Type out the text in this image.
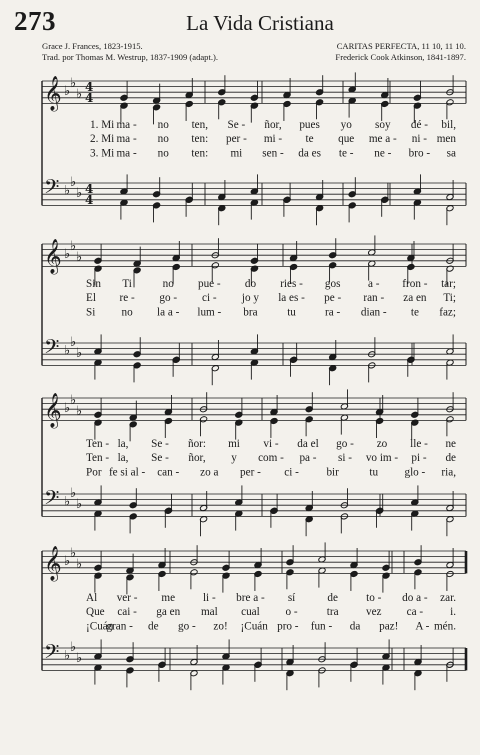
273	La Vida Cristiana
Grace J. Frances, 1823-1915.
Trad. por Thomas M. Westrup, 1837-1909 (adapt.).
CARITAS PERFECTA, 11 10, 11 10.
Frederick Cook Atkinson, 1841-1897.
𝄞 ♭
♭
♭
𝄢 ♭
♭
♭
4
4
4
4
1. Mi ma - no ten, Se - ñor, pues yo soy dé - bil,
2. Mi ma - no ten: per - mi - te que me a - ni - men
3. Mi ma - no ten: mi sen - da es te - ne - bro - sa
𝄞 ♭
♭
♭
𝄢 ♭
♭
♭
Sin Ti	no pue - do ries - gos a - fron - tar;
El re - go - ci - jo y la es - pe - ran - za en Ti;
Si no la a - lum - bra	tu	ra - dian - te faz;
𝄞 ♭
♭
♭
𝄢 ♭
♭
♭
Ten - la, Se - ñor: mi vi - da el go - zo lle - ne
Ten - la, Se - ñor, y com - pa - si - vo im - pi - de
Por fe si al - can - zo a per - ci - bir	tu glo - ria,
𝄞 ♭
♭
♭
𝄢 ♭
♭
♭
Al ver - me li - bre a - sí	de	to - do a - zar.
Que cai - ga en mal cual o -	tra vez ca - i.
¡Cuán
gran - de go - zo! ¡Cuán pro - fun - da paz! A - mén.
